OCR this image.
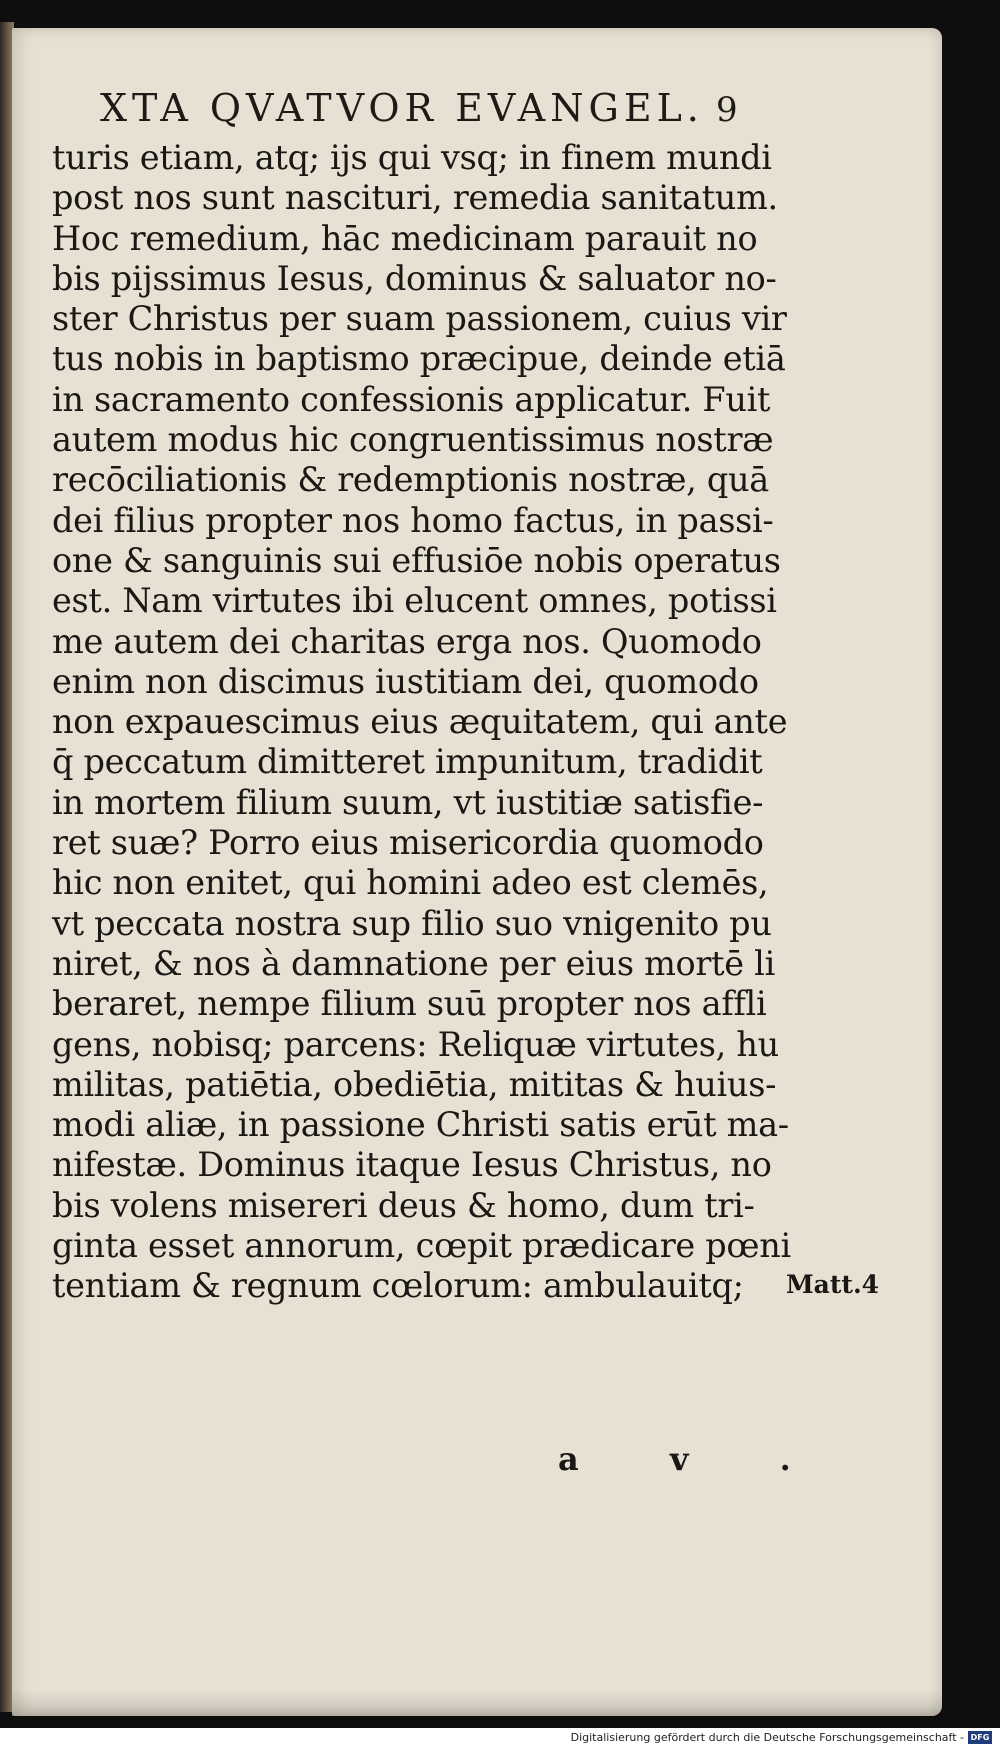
XTA QVATVOR EVANGEL. 9
turis etiam, atq; ijs qui vsq; in finem mundi
post nos sunt nascituri, remedia sanitatum.
Hoc remedium, hāc medicinam parauit no
bis pijssimus Iesus, dominus & saluator no-
ster Christus per suam passionem, cuius vir
tus nobis in baptismo præcipue, deinde etiā
in sacramento confessionis applicatur. Fuit
autem modus hic congruentissimus nostræ
recōciliationis & redemptionis nostræ, quā
dei filius propter nos homo factus, in passi-
one & sanguinis sui effusiōe nobis operatus
est. Nam virtutes ibi elucent omnes, potissi
me autem dei charitas erga nos. Quomodo
enim non discimus iustitiam dei, quomodo
non expauescimus eius æquitatem, qui ante
q̄ peccatum dimitteret impunitum, tradidit
in mortem filium suum, vt iustitiæ satisfie-
ret suæ? Porro eius misericordia quomodo
hic non enitet, qui homini adeo est clemēs,
vt peccata nostra sup filio suo vnigenito pu
niret, & nos à damnatione per eius mortē li
beraret, nempe filium suū propter nos affli
gens, nobisq; parcens: Reliquæ virtutes, hu
militas, patiētia, obediētia, mititas & huius-
modi aliæ, in passione Christi satis erūt ma-
nifestæ. Dominus itaque Iesus Christus, no
bis volens misereri deus & homo, dum tri-
ginta esset annorum, cœpit prædicare pœni
tentiam & regnum cœlorum: ambulauitq;	Matt.4
a v .
Digitalisierung gefördert durch die Deutsche Forschungsgemeinschaft - DFG
